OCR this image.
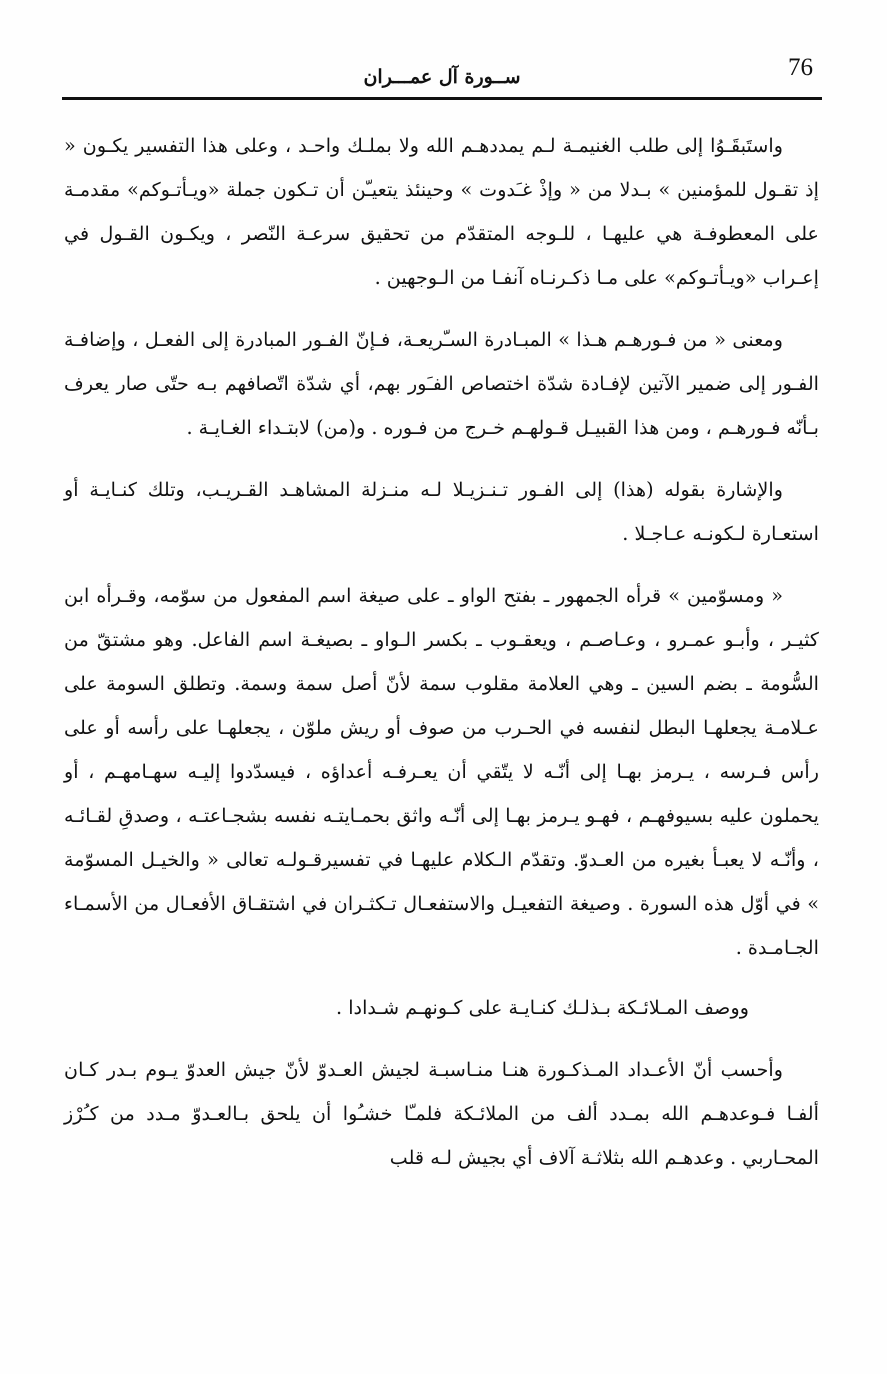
76
ســورة آل عمـــران

واستَبقَـوُا إلى طلب الغنيمـة لـم يمددهـم الله ولا بملـك واحـد ، وعلى هذا التفسير يكـون « إذ تقـول للمؤمنين » بـدلا من « وإذْ غـَدوت » وحينئذ يتعيـّن أن تـكون جملة «ويـأتـوكم» مقدمـة على المعطوفـة هي عليهـا ، للـوجه المتقدّم من تحقيق سرعـة النّصر ، ويكـون القـول في إعـراب «ويـأتـوكم» على مـا ذكـرنـاه آنفـا من الـوجهين .

ومعنى « من فـورهـم هـذا » المبـادرة السـّريعـة، فـإنّ الفـور المبادرة إلى الفعـل ، وإضافـة الفـور إلى ضمير الآتين لإفـادة شدّة اختصاص الفـَور بهم، أي شدّة اتّصافهم بـه حتّى صار يعرف بـأنّه فـورهـم ، ومن هذا القبيـل قـولهـم خـرج من فـوره . و(من) لابتـداء الغـايـة .

والإشارة بقوله (هذا) إلى الفـور تـنـزيـلا لـه منـزلة المشاهـد القـريـب، وتلك كنـايـة أو استعـارة لـكونـه عـاجـلا .

« ومسوّمين » قرأه الجمهور ـ بفتح الواو ـ على صيغة اسم المفعول من سوّمه، وقـرأه ابن كثيـر ، وأبـو عمـرو ، وعـاصـم ، ويعقـوب ـ بكسر الـواو ـ بصيغـة اسم الفاعل. وهو مشتقّ من السُّومة ـ بضم السين ـ وهي العلامة مقلوب سمة لأنّ أصل سمة وسمة. وتطلق السومة على عـلامـة يجعلهـا البطل لنفسه في الحـرب من صوف أو ريش ملوّن ، يجعلهـا على رأسه أو على رأس فـرسه ، يـرمز بهـا إلى أنّـه لا يتّقي أن يعـرفـه أعداؤه ، فيسدّدوا إليـه سهـامهـم ، أو يحملون عليه بسيوفهـم ، فهـو يـرمز بهـا إلى أنّـه واثق بحمـايتـه نفسه بشجـاعتـه ، وصدقِ لقـائـه ، وأنّـه لا يعبـأ بغيره من العـدوّ. وتقدّم الـكلام عليهـا في تفسيرقـولـه تعالى « والخيـل المسوّمة » في أوّل هذه السورة . وصيغة التفعيـل والاستفعـال تـكثـران في اشتقـاق الأفعـال من الأسمـاء الجـامـدة .

ووصف المـلائـكة بـذلـك كنـايـة على كـونهـم شـدادا .

وأحسب أنّ الأعـداد المـذكـورة هنـا منـاسبـة لجيش العـدوّ لأنّ جيش العدوّ يـوم بـدر كـان ألفـا فـوعدهـم الله بمـدد ألف من الملائـكة فلمـّا خشـُوا أن يلحق بـالعـدوّ مـدد من كـُرْز المحـاربي . وعدهـم الله بثلاثـة آلاف أي بجيش لـه قلب
